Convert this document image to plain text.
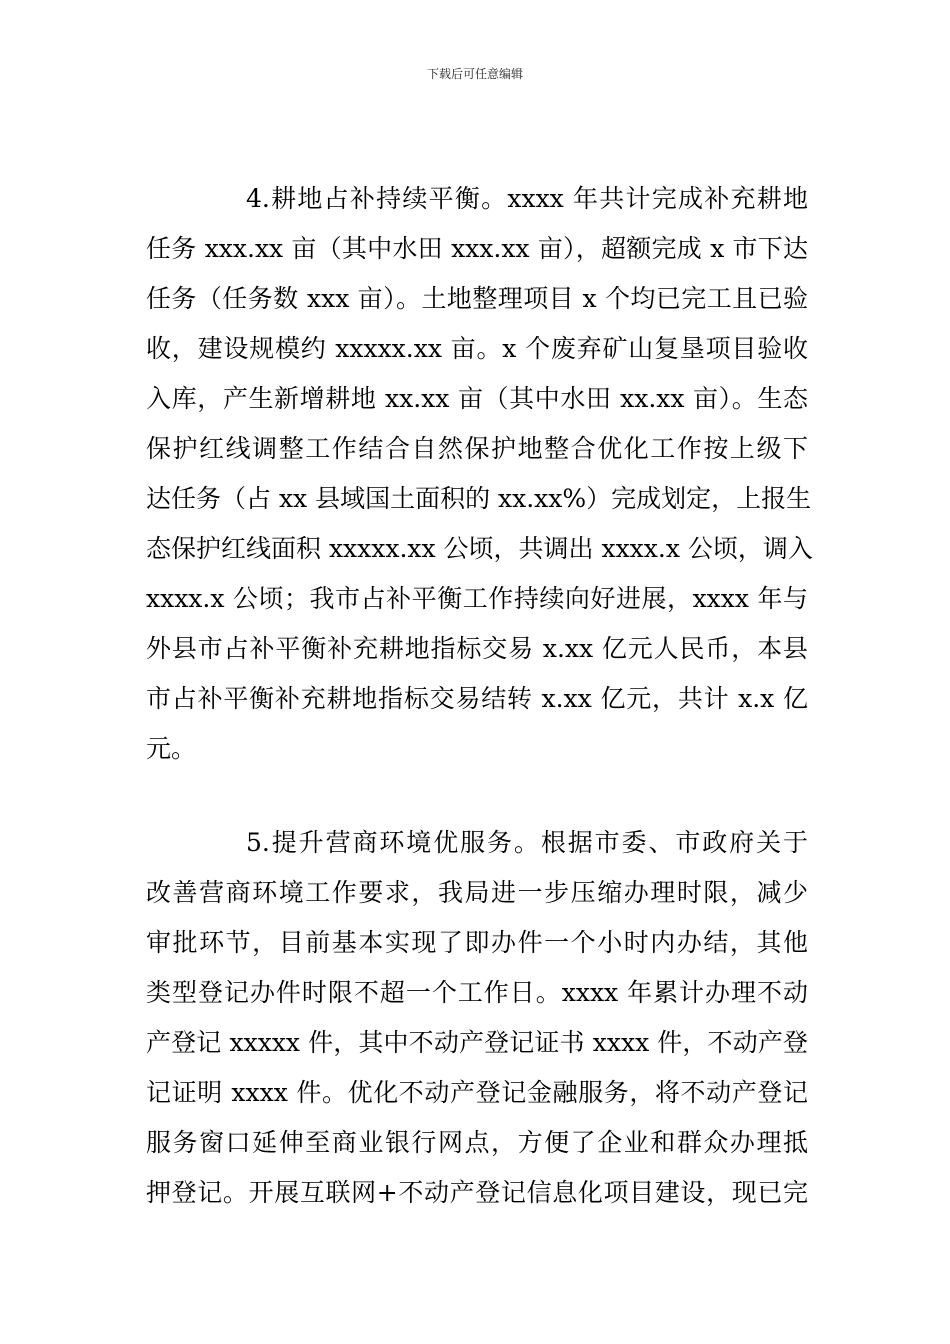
下载后可任意编辑
4.耕地占补持续平衡。xxxx 年共计完成补充耕地
任务 xxx.xx 亩（其中水田 xxx.xx 亩），超额完成 x 市下达
任务（任务数 xxx 亩）。土地整理项目 x 个均已完工且已验
收，建设规模约 xxxxx.xx 亩。x 个废弃矿山复垦项目验收
入库，产生新增耕地 xx.xx 亩（其中水田 xx.xx 亩）。生态
保护红线调整工作结合自然保护地整合优化工作按上级下
达任务（占 xx 县域国土面积的 xx.xx%）完成划定，上报生
态保护红线面积 xxxxx.xx 公顷，共调出 xxxx.x 公顷，调入
xxxx.x 公顷；我市占补平衡工作持续向好进展，xxxx 年与
外县市占补平衡补充耕地指标交易 x.xx 亿元人民币，本县
市占补平衡补充耕地指标交易结转 x.xx 亿元，共计 x.x 亿
元。
5.提升营商环境优服务。根据市委、市政府关于
改善营商环境工作要求，我局进一步压缩办理时限，减少
审批环节，目前基本实现了即办件一个小时内办结，其他
类型登记办件时限不超一个工作日。xxxx 年累计办理不动
产登记 xxxxx 件，其中不动产登记证书 xxxx 件，不动产登
记证明 xxxx 件。优化不动产登记金融服务，将不动产登记
服务窗口延伸至商业银行网点，方便了企业和群众办理抵
押登记。开展互联网+不动产登记信息化项目建设，现已完
